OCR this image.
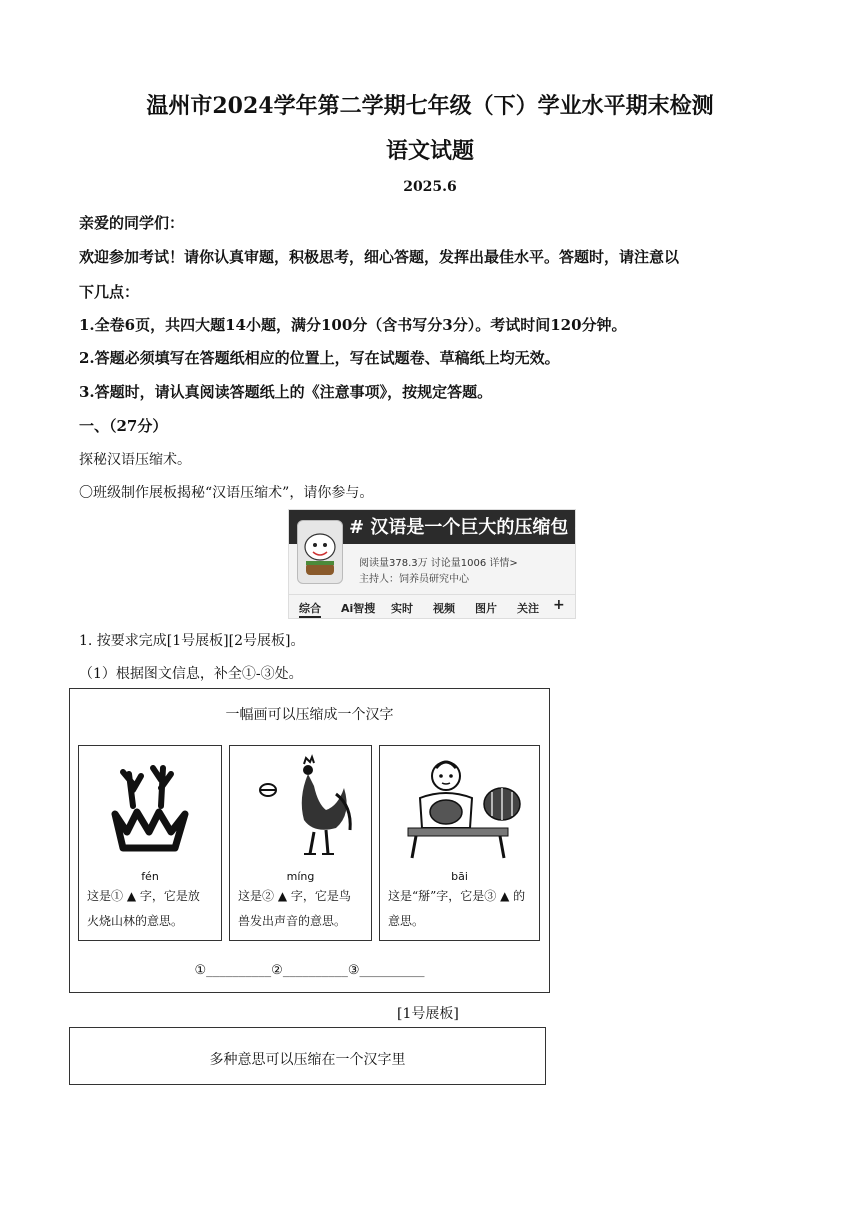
温州市2024学年第二学期七年级（下）学业水平期末检测
语文试题
2025.6
亲爱的同学们：
欢迎参加考试！请你认真审题，积极思考，细心答题，发挥出最佳水平。答题时，请注意以
下几点：
1.全卷6页，共四大题14小题，满分100分（含书写分3分）。考试时间120分钟。
2.答题必须填写在答题纸相应的位置上，写在试题卷、草稿纸上均无效。
3.答题时，请认真阅读答题纸上的《注意事项》，按规定答题。
一、（27分）
探秘汉语压缩术。
〇班级制作展板揭秘“汉语压缩术”，请你参与。
# 汉语是一个巨大的压缩包 #
阅读量378.3万 讨论量1006 详情>
主持人：饲养员研究中心
综合 Ai智搜 实时 视频 图片 关注 +
1. 按要求完成[1号展板][2号展板]。
（1）根据图文信息，补全①-③处。
一幅画可以压缩成一个汉字
fén
这是① ▲ 字，它是放
火烧山林的意思。
míng
这是② ▲ 字，它是鸟
兽发出声音的意思。
bāi
这是“掰”字，它是③ ▲ 的
意思。
①__________②__________③__________
[1号展板]
多种意思可以压缩在一个汉字里
